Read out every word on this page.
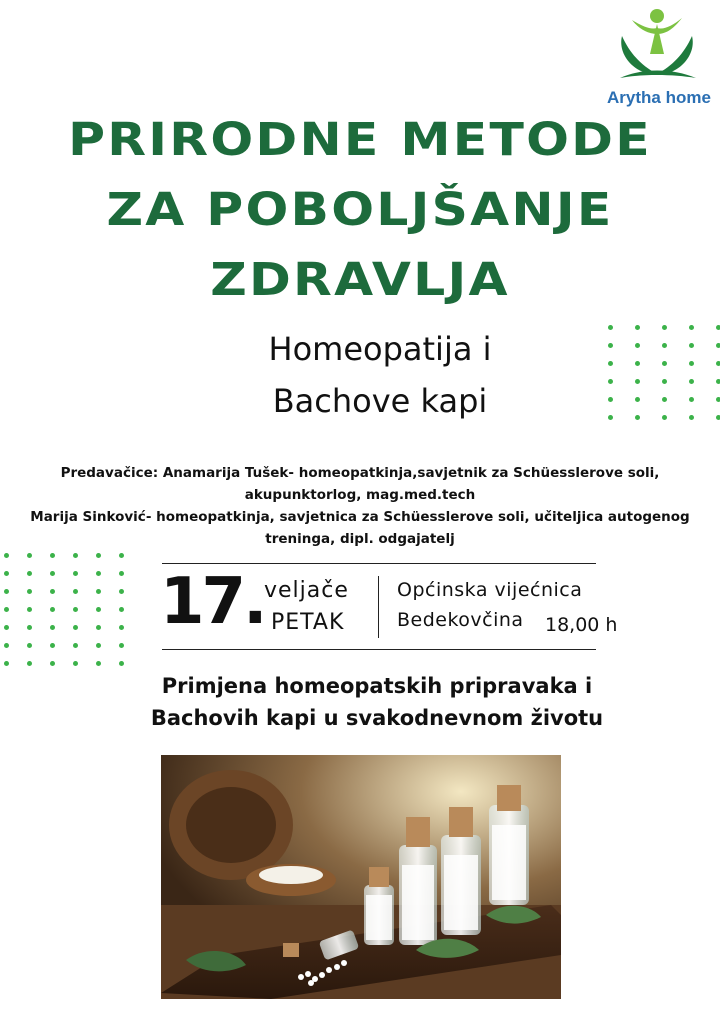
Arytha home
PRIRODNE METODE
ZA POBOLJŠANJE
ZDRAVLJA
Homeopatija i
Bachove kapi
Predavačice: Anamarija Tušek- homeopatkinja,savjetnik za Schüesslerove soli, akupunktorlog, mag.med.tech
Marija Sinković- homeopatkinja, savjetnica za Schüesslerove soli, učiteljica autogenog treninga, dipl. odgajatelj
17. veljače
PETAK
Općinska vijećnica
Bedekovčina 18,00 h
Primjena homeopatskih pripravaka i
Bachovih kapi u svakodnevnom životu
